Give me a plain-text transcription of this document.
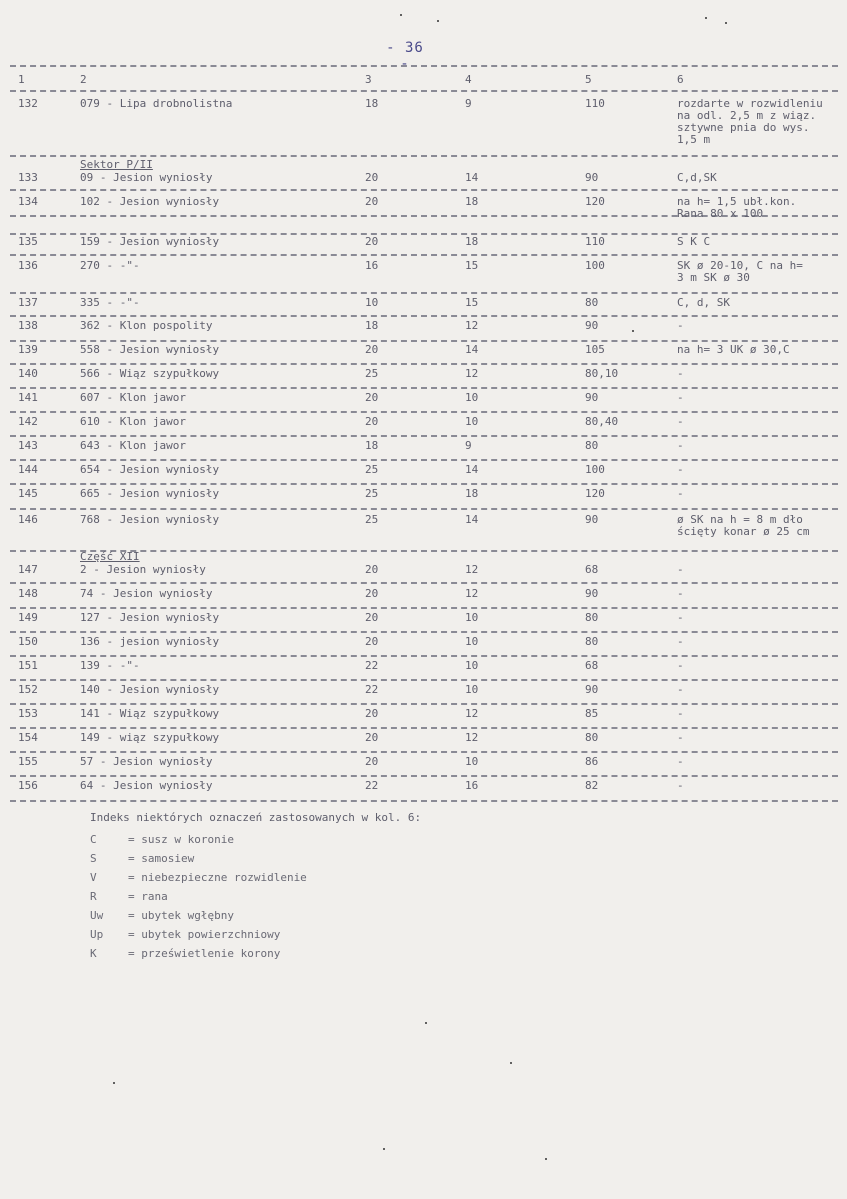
- 36 -
1	2	3	4	5	6
132	079 - Lipa drobnolistna	18	9	110	rozdarte w rozwidleniu
na odl. 2,5 m z wiąz.
sztywne pnia do wys.
1,5 m
Sektor P/II
133	09 - Jesion wyniosły	20	14	90	C,d,SK
134	102 - Jesion wyniosły	20	18	120	na h= 1,5 ubł.kon.
Rana 80 x 100
135	159 - Jesion wyniosły	20	18	110	S K C
136	270 - -"-	16	15	100	SK ø 20-10, C na h=
3 m SK ø 30
137	335 - -"-	10	15	80	C, d, SK
138	362 - Klon pospolity	18	12	90	-
139	558 - Jesion wyniosły	20	14	105	na h= 3 UK ø 30,C
140	566 - Wiąz szypułkowy	25	12	80,10	-
141	607 - Klon jawor	20	10	90	-
142	610 - Klon jawor	20	10	80,40	-
143	643 - Klon jawor	18	9	80	-
144	654 - Jesion wyniosły	25	14	100	-
145	665 - Jesion wyniosły	25	18	120	-
146	768 - Jesion wyniosły	25	14	90	ø SK na h = 8 m dło
ścięty konar ø 25 cm
Część XII
147	2 - Jesion wyniosły	20	12	68	-
148	74 - Jesion wyniosły	20	12	90	-
149	127 - Jesion wyniosły	20	10	80	-
150	136 - jesion wyniosły	20	10	80	-
151	139 - -"-	22	10	68	-
152	140 - Jesion wyniosły	22	10	90	-
153	141 - Wiąz szypułkowy	20	12	85	-
154	149 - wiąz szypułkowy	20	12	80	-
155	57 - Jesion wyniosły	20	10	86	-
156	64 - Jesion wyniosły	22	16	82	-
Indeks niektórych oznaczeń zastosowanych w kol. 6:
C	= susz w koronie
S	= samosiew
V	= niebezpieczne rozwidlenie
R	= rana
Uw = ubytek wgłębny
Up = ubytek powierzchniowy
K	= prześwietlenie korony
